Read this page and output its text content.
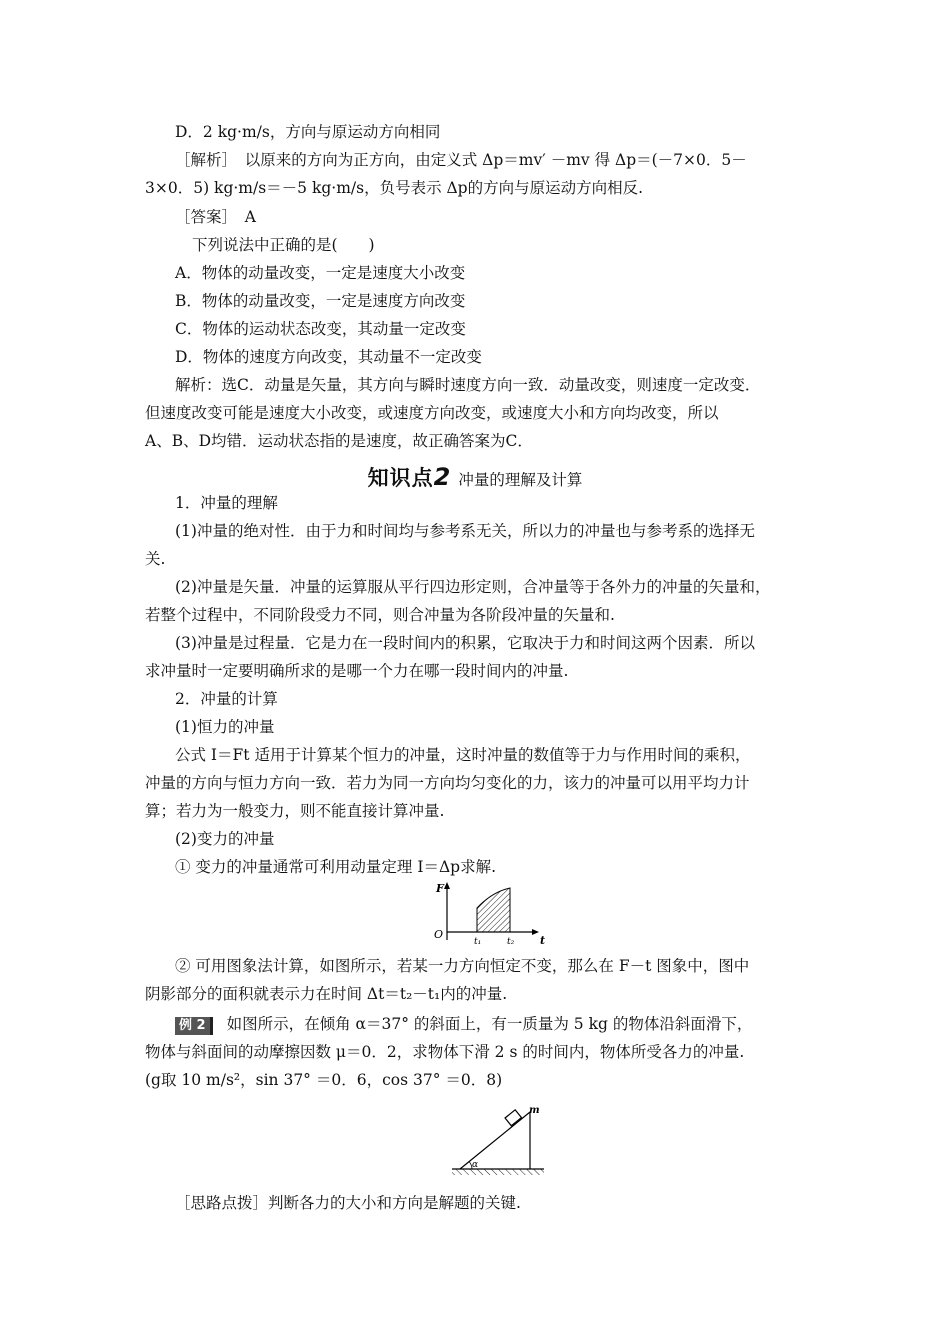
D．2 kg·m/s，方向与原运动方向相同
［解析］　以原来的方向为正方向，由定义式 Δp＝mv′ －mv 得 Δp＝(－7×0．5－
3×0．5) kg·m/s＝－5 kg·m/s，负号表示 Δp的方向与原运动方向相反.
［答案］　A
下列说法中正确的是(　　)
A．物体的动量改变，一定是速度大小改变
B．物体的动量改变，一定是速度方向改变
C．物体的运动状态改变，其动量一定改变
D．物体的速度方向改变，其动量不一定改变
解析：选C．动量是矢量，其方向与瞬时速度方向一致．动量改变，则速度一定改变．
但速度改变可能是速度大小改变，或速度方向改变，或速度大小和方向均改变，所以
A、B、D均错．运动状态指的是速度，故正确答案为C．
知识点2 冲量的理解及计算
1．冲量的理解
(1)冲量的绝对性．由于力和时间均与参考系无关，所以力的冲量也与参考系的选择无
关.
(2)冲量是矢量．冲量的运算服从平行四边形定则，合冲量等于各外力的冲量的矢量和，
若整个过程中，不同阶段受力不同，则合冲量为各阶段冲量的矢量和.
(3)冲量是过程量．它是力在一段时间内的积累，它取决于力和时间这两个因素．所以
求冲量时一定要明确所求的是哪一个力在哪一段时间内的冲量.
2．冲量的计算
(1)恒力的冲量
公式 I＝Ft 适用于计算某个恒力的冲量，这时冲量的数值等于力与作用时间的乘积，
冲量的方向与恒力方向一致．若力为同一方向均匀变化的力，该力的冲量可以用平均力计
算；若力为一般变力，则不能直接计算冲量.
(2)变力的冲量
① 变力的冲量通常可利用动量定理 I＝Δp求解.
F
O
t₁	t₂ t
② 可用图象法计算，如图所示，若某一力方向恒定不变，那么在 F－t 图象中，图中
阴影部分的面积就表示力在时间 Δt＝t₂－t₁内的冲量.
例 2 如图所示，在倾角 α＝37° 的斜面上，有一质量为 5 kg 的物体沿斜面滑下，
物体与斜面间的动摩擦因数 μ＝0．2，求物体下滑 2 s 的时间内，物体所受各力的冲量.
(g取 10 m/s²，sin 37° ＝0．6，cos 37° ＝0．8)
m
α
［思路点拨］判断各力的大小和方向是解题的关键.
